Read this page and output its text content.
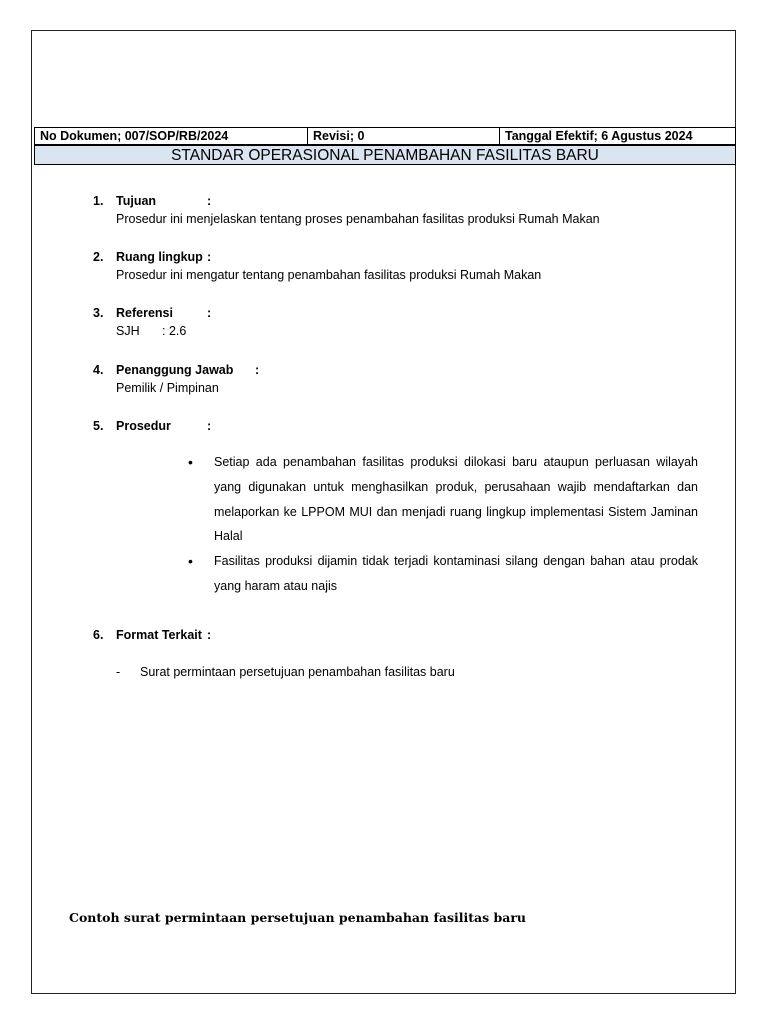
No Dokumen; 007/SOP/RB/2024	Revisi; 0	Tanggal Efektif; 6 Agustus 2024
STANDAR OPERASIONAL PENAMBAHAN FASILITAS BARU
1. Tujuan	:
Prosedur ini menjelaskan tentang proses penambahan fasilitas produksi Rumah Makan
2. Ruang lingkup :
Prosedur ini mengatur tentang penambahan fasilitas produksi Rumah Makan
3. Referensi	:
SJH : 2.6
4. Penanggung Jawab :
Pemilik / Pimpinan
5. Prosedur	:
6. Format Terkait :
• Setiap ada penambahan fasilitas produksi dilokasi baru ataupun perluasan wilayah yang digunakan untuk menghasilkan produk, perusahaan wajib mendaftarkan dan melaporkan ke LPPOM MUI dan menjadi ruang lingkup implementasi Sistem Jaminan Halal
• Fasilitas produksi dijamin tidak terjadi kontaminasi silang dengan bahan atau prodak yang haram atau najis
- Surat permintaan persetujuan penambahan fasilitas baru
Contoh surat permintaan persetujuan penambahan fasilitas baru
